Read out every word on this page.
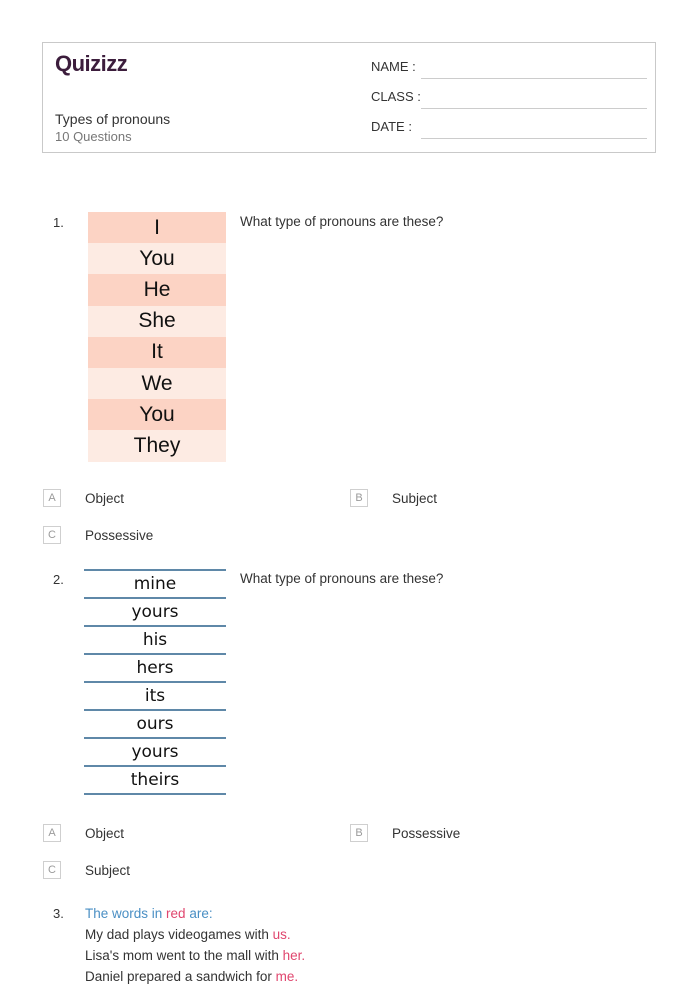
Quizizz
Types of pronouns
10 Questions
NAME :
CLASS :
DATE :
1.	I
You
He
She
It
We
You
They
What type of pronouns are these?
A	Object	B	Subject
C	Possessive
2.	mine
yours
his
hers
its
ours
yours
theirs
What type of pronouns are these?
A	Object	B	Possessive
C	Subject
3. The words in red are:
My dad plays videogames with us.
Lisa's mom went to the mall with her.
Daniel prepared a sandwich for me.
